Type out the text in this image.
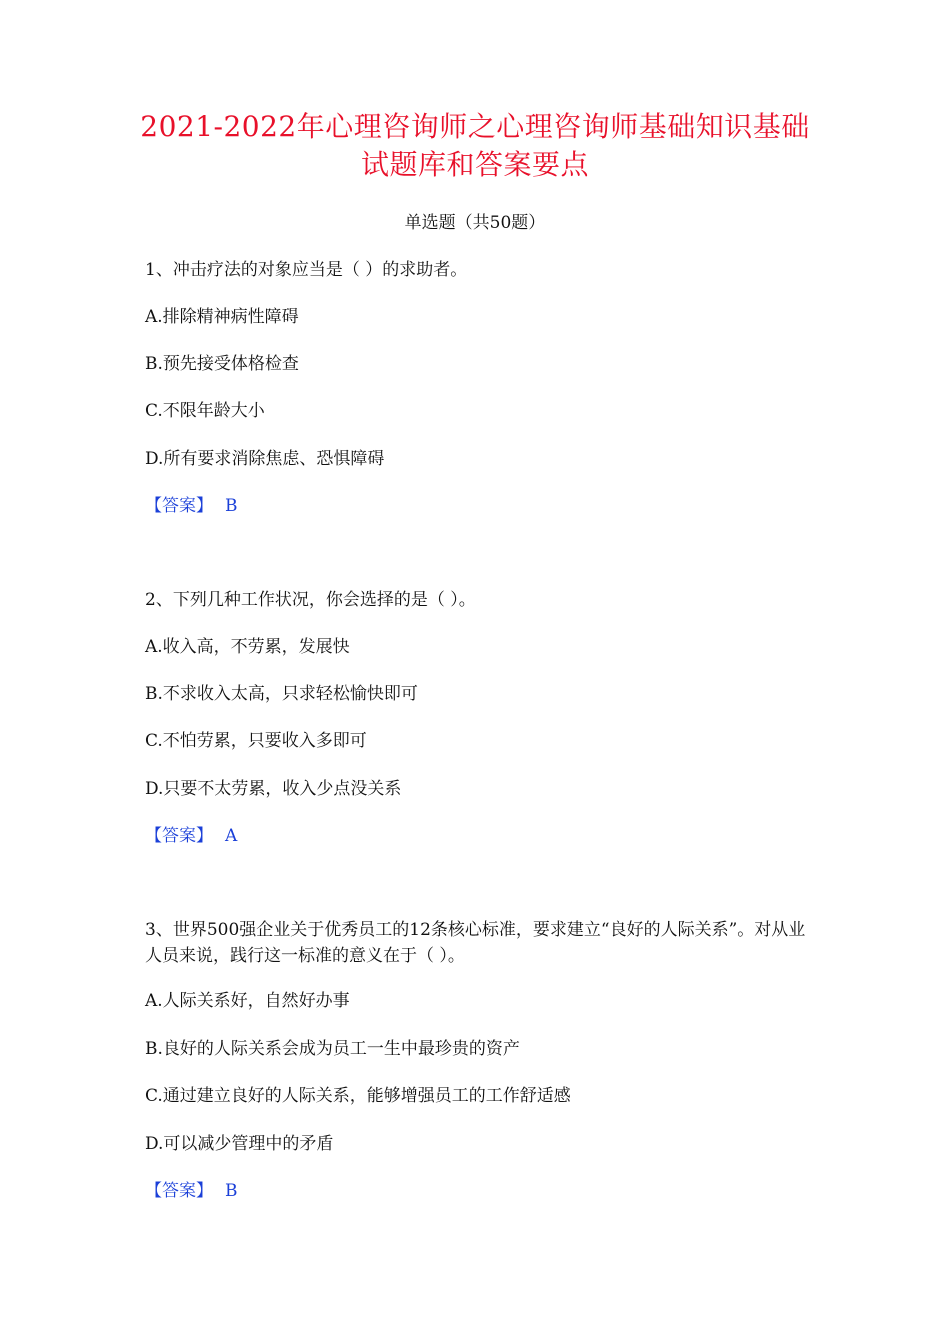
2021-2022年心理咨询师之心理咨询师基础知识基础
试题库和答案要点
单选题（共50题）
1、冲击疗法的对象应当是（ ）的求助者。
A.排除精神病性障碍
B.预先接受体格检查
C.不限年龄大小
D.所有要求消除焦虑、恐惧障碍
【答案】 B
2、下列几种工作状况，你会选择的是（ ）。
A.收入高，不劳累，发展快
B.不求收入太高，只求轻松愉快即可
C.不怕劳累，只要收入多即可
D.只要不太劳累，收入少点没关系
【答案】 A
3、世界500强企业关于优秀员工的12条核心标准，要求建立“良好的人际关系”。对从业人员来说，践行这一标准的意义在于（ ）。
A.人际关系好，自然好办事
B.良好的人际关系会成为员工一生中最珍贵的资产
C.通过建立良好的人际关系，能够增强员工的工作舒适感
D.可以减少管理中的矛盾
【答案】 B
